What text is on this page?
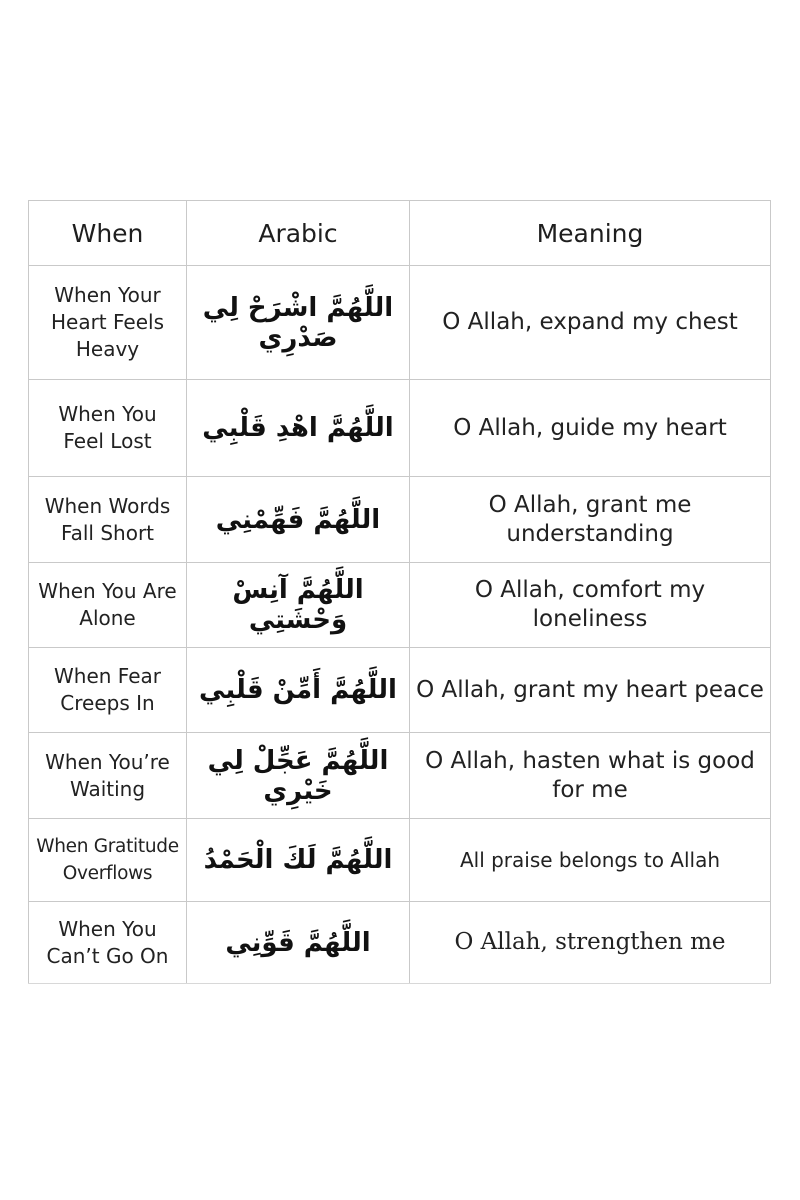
When	Arabic	Meaning
When Your Heart Feels Heavy	اللَّهُمَّ اشْرَحْ لِي صَدْرِي	O Allah, expand my chest
When You Feel Lost	اللَّهُمَّ اهْدِ قَلْبِي	O Allah, guide my heart
When Words Fall Short	اللَّهُمَّ فَهِّمْنِي	O Allah, grant me understanding
When You Are Alone	اللَّهُمَّ آنِسْ وَحْشَتِي	O Allah, comfort my loneliness
When Fear Creeps In	اللَّهُمَّ أَمِّنْ قَلْبِي	O Allah, grant my heart peace
When You’re Waiting	اللَّهُمَّ عَجِّلْ لِي خَيْرِي	O Allah, hasten what is good for me
When Gratitude Overflows	اللَّهُمَّ لَكَ الْحَمْدُ	All praise belongs to Allah
When You Can’t Go On	اللَّهُمَّ قَوِّنِي	O Allah, strengthen me
